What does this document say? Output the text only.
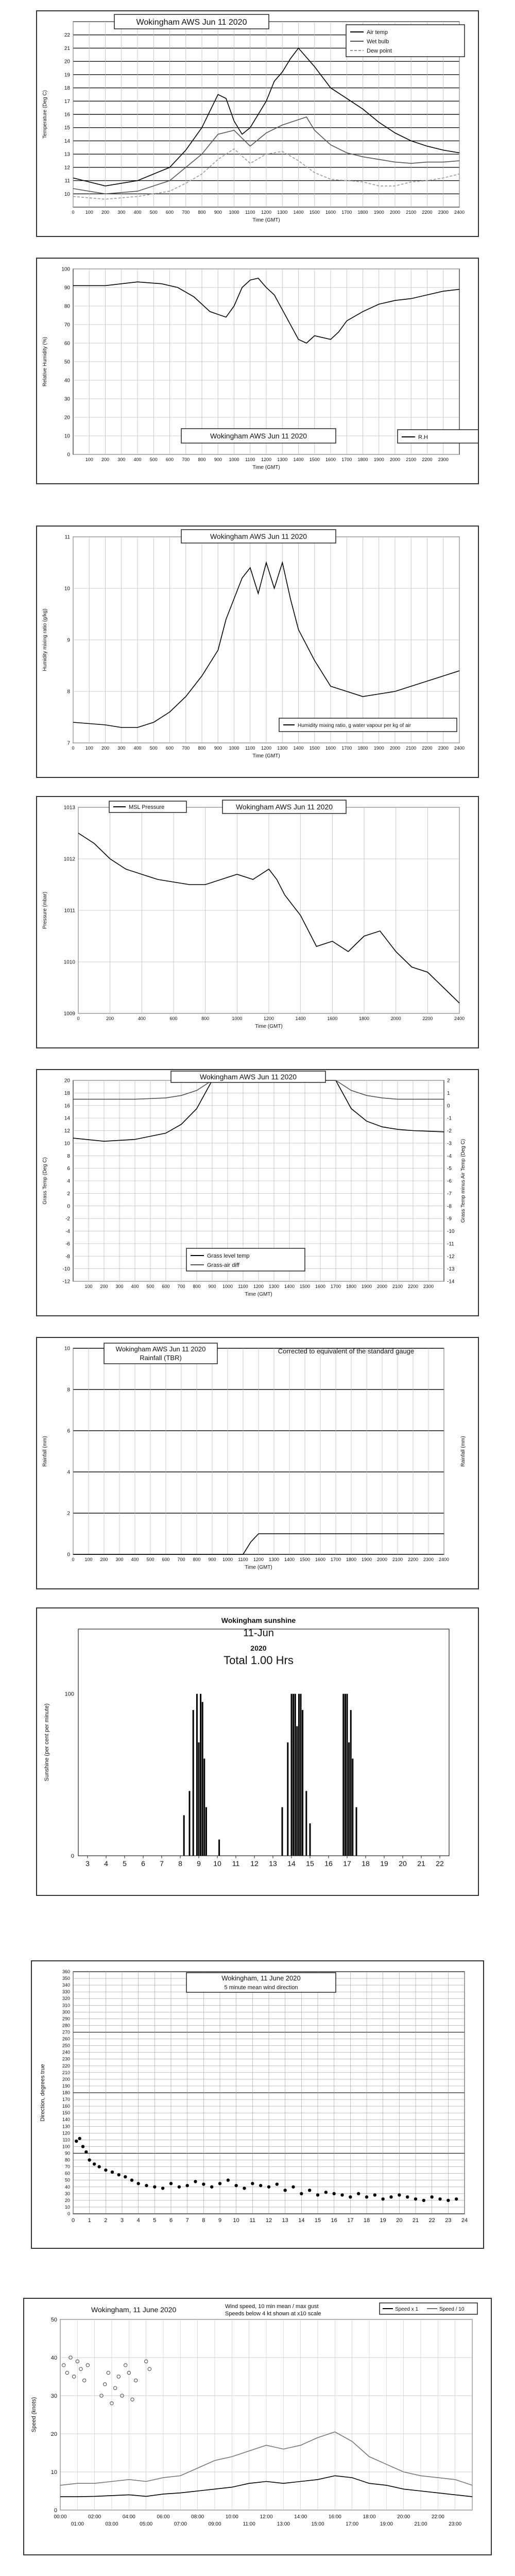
10
11
12
13
14
15
16
17
18
19
20
21
22
0 100 200 300 400 500 600 700 800 900 1000 1100 1200 1300 1400 1500 1600 1700 1800 1900 2000 2100 2200 2300 2400
Time (GMT)
Temperature (Deg C)
Wokingham AWS Jun 11 2020
Air temp
Wet bulb
Dew point
0
10
20
30
40
50
60
70
80
90
100
100 200 300 400 500 600 700 800 900 1000 1100 1200 1300 1400 1500 1600 1700 1800 1900 2000 2100 2200 2300
Time (GMT)
Relative Humidity (%)
Wokingham AWS Jun 11 2020	R.H
7
8
9
10
11
0 100 200 300 400 500 600 700 800 900 1000 1100 1200 1300 1400 1500 1600 1700 1800 1900 2000 2100 2200 2300 2400
Time (GMT)
Humidity mixing ratio (g/kg)
Wokingham AWS Jun 11 2020
Humidity mixing ratio, g water vapour per kg of air
1009
1010
1011
1012
1013
0	200	400	600	800	1000	1200	1400	1600	1800	2000	2200	2400
Time (GMT)
Pressure (mbar)
Wokingham AWS Jun 11 2020
MSL Pressure
-12
-10
-8
-6
-4
-2
0
2
4
6
8
10
12
14
16
18
20
100 200 300 400 500 600 700 800 900 1000 1100 1200 1300 1400 1500 1600 1700 1800 1900 2000 2100 2200 2300
-14
-13
-12
-11
-10
-9
-8
-7
-6
-5
-4
-3
-2
-1
0
1
2
Time (GMT)
Grass Temp (Deg C)	Grass Temp minus Air Temp (Deg C)
Wokingham AWS Jun 11 2020
Grass level temp
Grass-air diff
0
2
4
6
8
10
0 100 200 300 400 500 600 700 800 900 1000 1100 1200 1300 1400 1500 1600 1700 1800 1900 2000 2100 2200 2300 2400
Time (GMT)
Rainfall (mm)	Rainfall (mm)
Wokingham AWS Jun 11 2020
Rainfall (TBR)
Corrected to equivalent of the standard gauge
0
100
3 4 5 6 7 8 9 10 11 12 13 14 15 16 17 18 19 20 21 22
Sunshine (per cent per minute)
Wokingham sunshine
11-Jun
2020
Total 1.00 Hrs
0
10
20
30
40
50
60
70
80
90
100
110
120
130
140
150
160
170
180
190
200
210
220
230
240
250
260
270
280
290
300
310
320
330
340
350
360
0 1 2 3 4 5 6 7 8 9 10 11 12 13 14 15 16 17 18 19 20 21 22 23 24
Direction, degrees true
Wokingham, 11 June 2020
5 minute mean wind direction
0
10
20
30
40
50
00:00	02:00	04:00	06:00	08:00	10:00	12:00	14:00	16:00	18:00	20:00	22:00
01:00	03:00	05:00	07:00	09:00	11:00	13:00	15:00	17:00	19:00	21:00	23:00
Speed (knots)
Wokingham, 11 June 2020	Wind speed, 10 min mean / max gust
Speeds below 4 kt shown at x10 scale
Speed x 1	Speed / 10
